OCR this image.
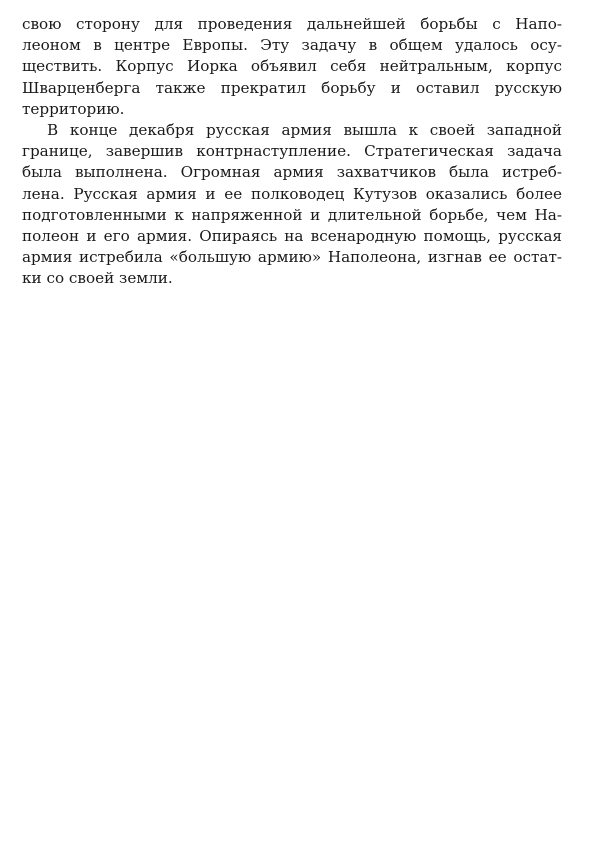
свою сторону для проведения дальнейшей борьбы с Напо-
леоном в центре Европы. Эту задачу в общем удалось осу-
ществить. Корпус Иорка объявил себя нейтральным, корпус
Шварценберга также прекратил борьбу и оставил русскую
территорию.
В конце декабря русская армия вышла к своей западной
границе, завершив контрнаступление. Стратегическая задача
была выполнена. Огромная армия захватчиков была истреб-
лена. Русская армия и ее полководец Кутузов оказались более
подготовленными к напряженной и длительной борьбе, чем На-
полеон и его армия. Опираясь на всенародную помощь, русская
армия истребила «большую армию» Наполеона, изгнав ее остат-
ки со своей земли.
